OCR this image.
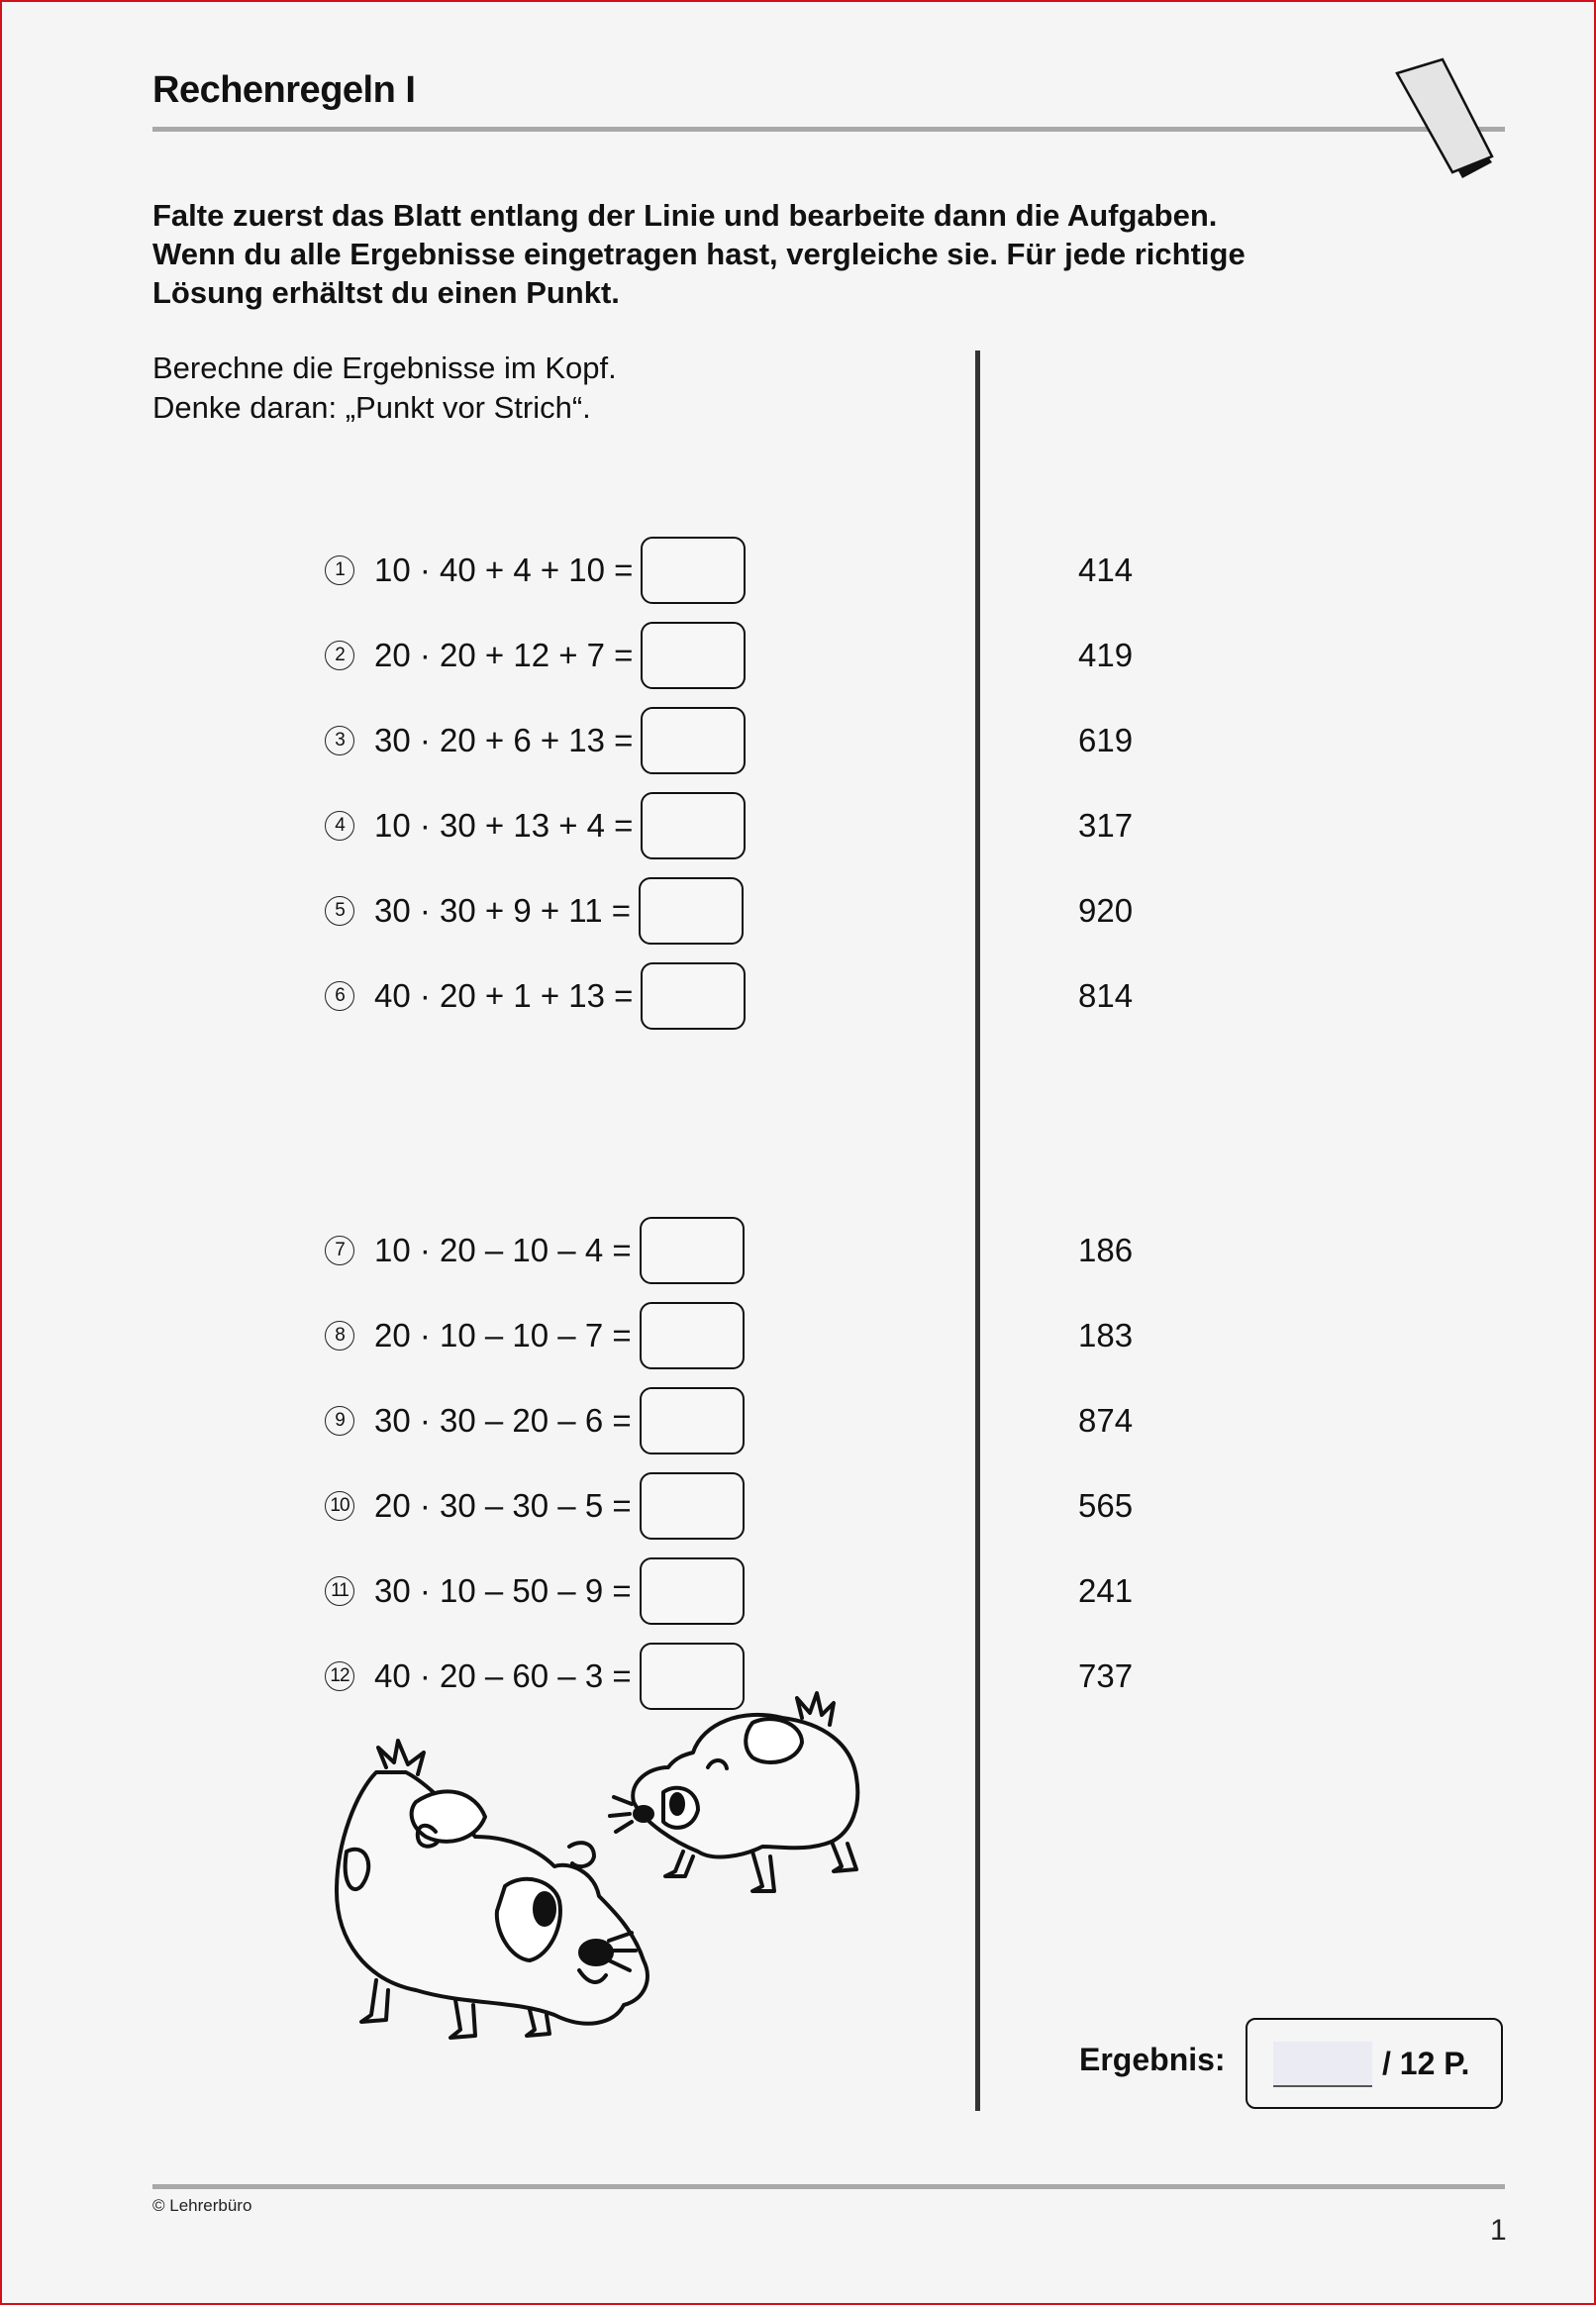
Rechenregeln I
Falte zuerst das Blatt entlang der Linie und bearbeite dann die Aufgaben.
Wenn du alle Ergebnisse eingetragen hast, vergleiche sie. Für jede richtige
Lösung erhältst du einen Punkt.
Berechne die Ergebnisse im Kopf.
Denke daran: „Punkt vor Strich“.
1 10 · 40 + 4 + 10 =
2 20 · 20 + 12 + 7 =
3 30 · 20 + 6 + 13 =
4 10 · 30 + 13 + 4 =
5 30 · 30 + 9 + 11 =
6 40 · 20 + 1 + 13 =
7 10 · 20 – 10 – 4 =
8 20 · 10 – 10 – 7 =
9 30 · 30 – 20 – 6 =
10 20 · 30 – 30 – 5 =
11 30 · 10 – 50 – 9 =
12 40 · 20 – 60 – 3 =
414
419
619
317
920
814
186
183
874
565
241
737
Ergebnis:	/ 12 P.
© Lehrerbüro
1
